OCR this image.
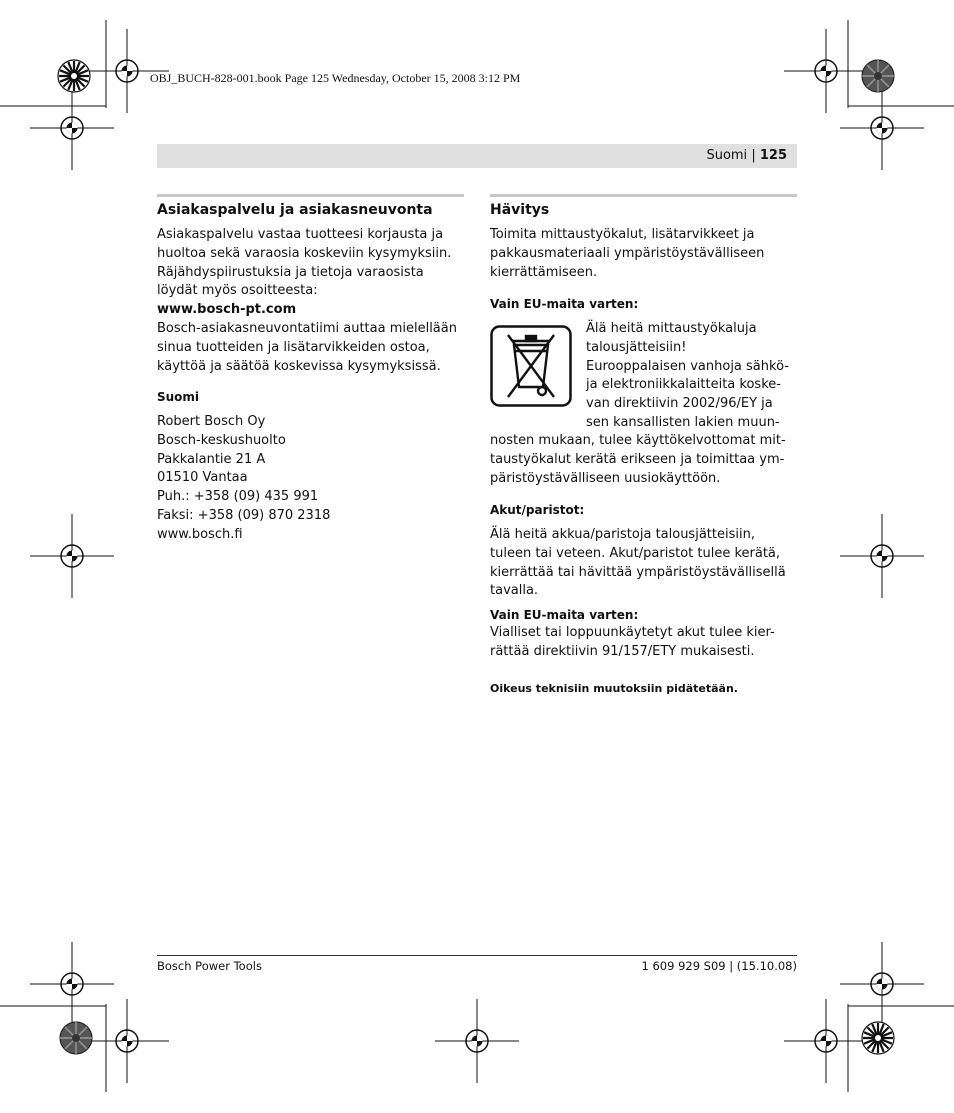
OBJ_BUCH-828-001.book Page 125 Wednesday, October 15, 2008 3:12 PM
Suomi | 125
Asiakaspalvelu ja asiakasneuvonta
Asiakaspalvelu vastaa tuotteesi korjausta ja
huoltoa sekä varaosia koskeviin kysymyksiin.
Räjähdyspiirustuksia ja tietoja varaosista
löydät myös osoitteesta:
www.bosch-pt.com
Bosch-asiakasneuvontatiimi auttaa mielellään
sinua tuotteiden ja lisätarvikkeiden ostoa,
käyttöä ja säätöä koskevissa kysymyksissä.
Suomi
Robert Bosch Oy
Bosch-keskushuolto
Pakkalantie 21 A
01510 Vantaa
Puh.: +358 (09) 435 991
Faksi: +358 (09) 870 2318
www.bosch.fi
Hävitys
Toimita mittaustyökalut, lisätarvikkeet ja
pakkausmateriaali ympäristöystävälliseen
kierrättämiseen.
Vain EU-maita varten:
Älä heitä mittaustyökaluja
talousjätteisiin!
Eurooppalaisen vanhoja sähkö-
ja elektroniikkalaitteita koske-
van direktiivin 2002/96/EY ja
sen kansallisten lakien muun-
nosten mukaan, tulee käyttökelvottomat mit-
taustyökalut kerätä erikseen ja toimittaa ym-
päristöystävälliseen uusiokäyttöön.
Akut/paristot:
Älä heitä akkua/paristoja talousjätteisiin,
tuleen tai veteen. Akut/paristot tulee kerätä,
kierrättää tai hävittää ympäristöystävällisellä
tavalla.
Vain EU-maita varten:
Vialliset tai loppuunkäytetyt akut tulee kier-
rättää direktiivin 91/157/ETY mukaisesti.
Oikeus teknisiin muutoksiin pidätetään.
Bosch Power Tools	1 609 929 S09 | (15.10.08)
